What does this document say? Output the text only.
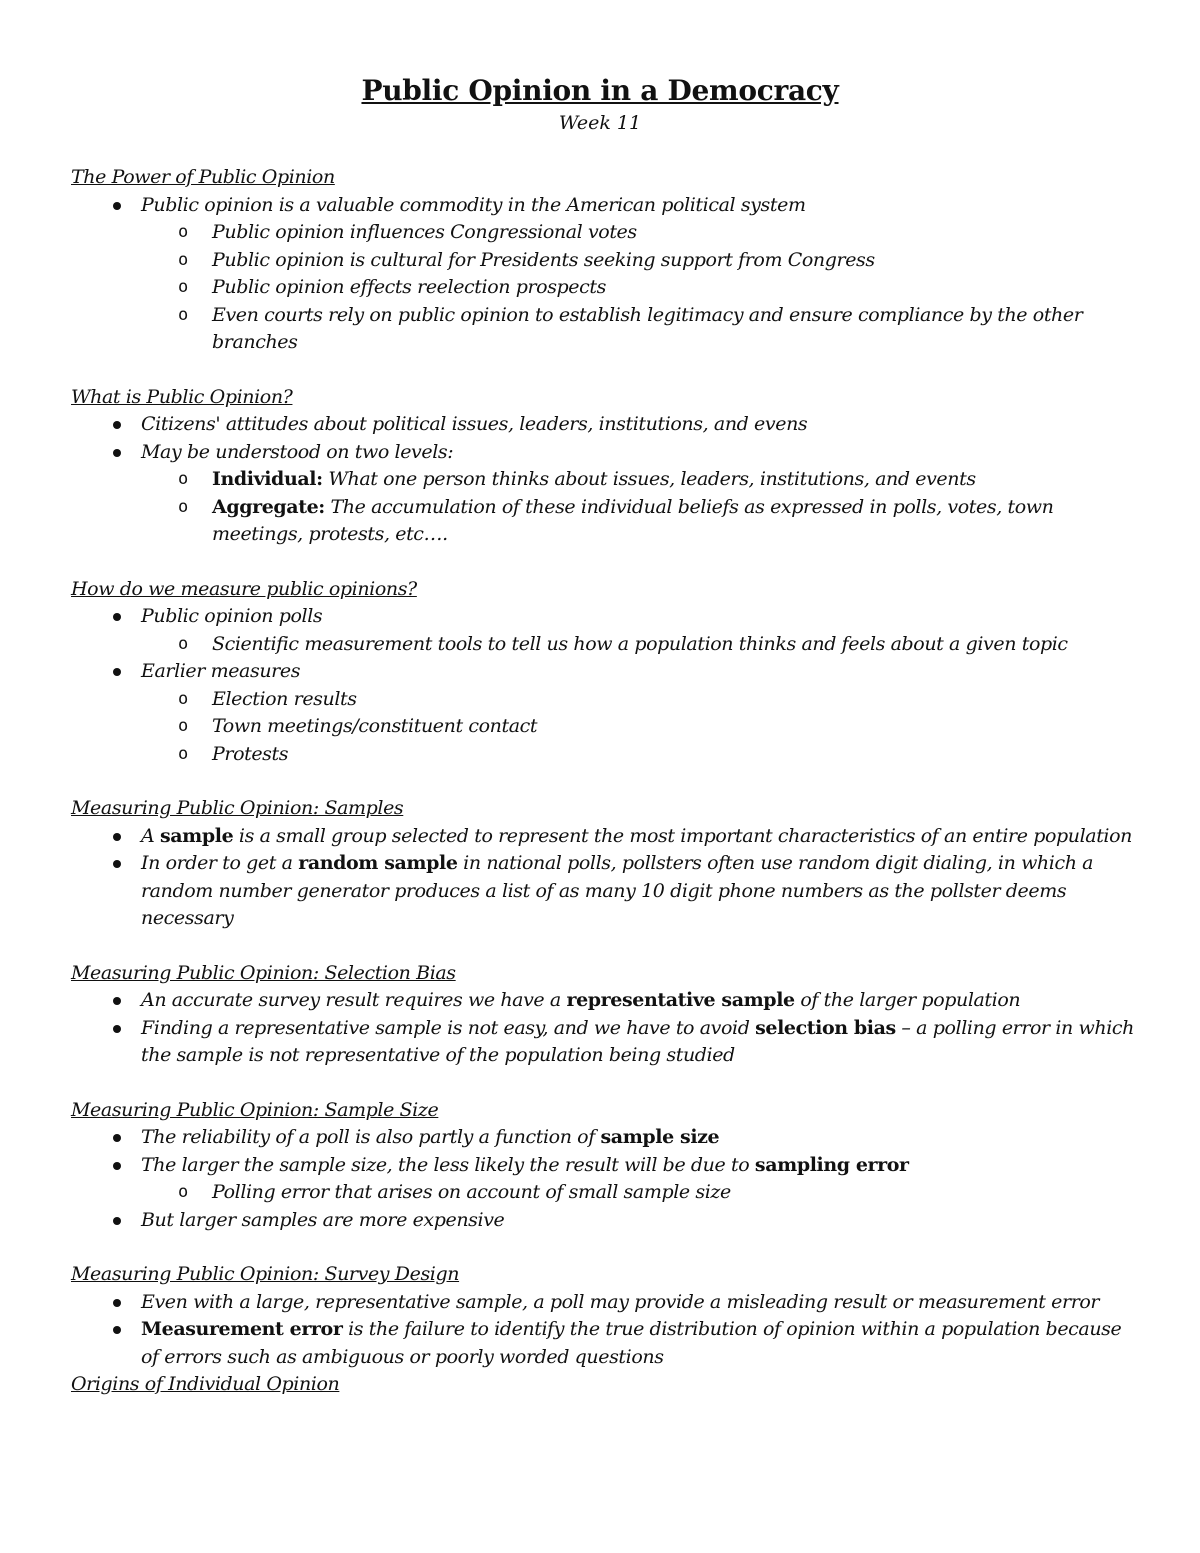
Public Opinion in a Democracy
Week 11
The Power of Public Opinion
Public opinion is a valuable commodity in the American political system
o Public opinion influences Congressional votes
o Public opinion is cultural for Presidents seeking support from Congress
o Public opinion effects reelection prospects
o Even courts rely on public opinion to establish legitimacy and ensure compliance by the other branches
What is Public Opinion?
Citizens' attitudes about political issues, leaders, institutions, and evens
May be understood on two levels:
o Individual: What one person thinks about issues, leaders, institutions, and events
o Aggregate: The accumulation of these individual beliefs as expressed in polls, votes, town meetings, protests, etc….
How do we measure public opinions?
Public opinion polls
o Scientific measurement tools to tell us how a population thinks and feels about a given topic
Earlier measures
o Election results
o Town meetings/constituent contact
o Protests
Measuring Public Opinion: Samples
A sample is a small group selected to represent the most important characteristics of an entire population
In order to get a random sample in national polls, pollsters often use random digit dialing, in which a random number generator produces a list of as many 10 digit phone numbers as the pollster deems necessary
Measuring Public Opinion: Selection Bias
An accurate survey result requires we have a representative sample of the larger population
Finding a representative sample is not easy, and we have to avoid selection bias – a polling error in which the sample is not representative of the population being studied
Measuring Public Opinion: Sample Size
The reliability of a poll is also partly a function of sample size
The larger the sample size, the less likely the result will be due to sampling error
o Polling error that arises on account of small sample size
But larger samples are more expensive
Measuring Public Opinion: Survey Design
Even with a large, representative sample, a poll may provide a misleading result or measurement error
Measurement error is the failure to identify the true distribution of opinion within a population because of errors such as ambiguous or poorly worded questions
Origins of Individual Opinion
